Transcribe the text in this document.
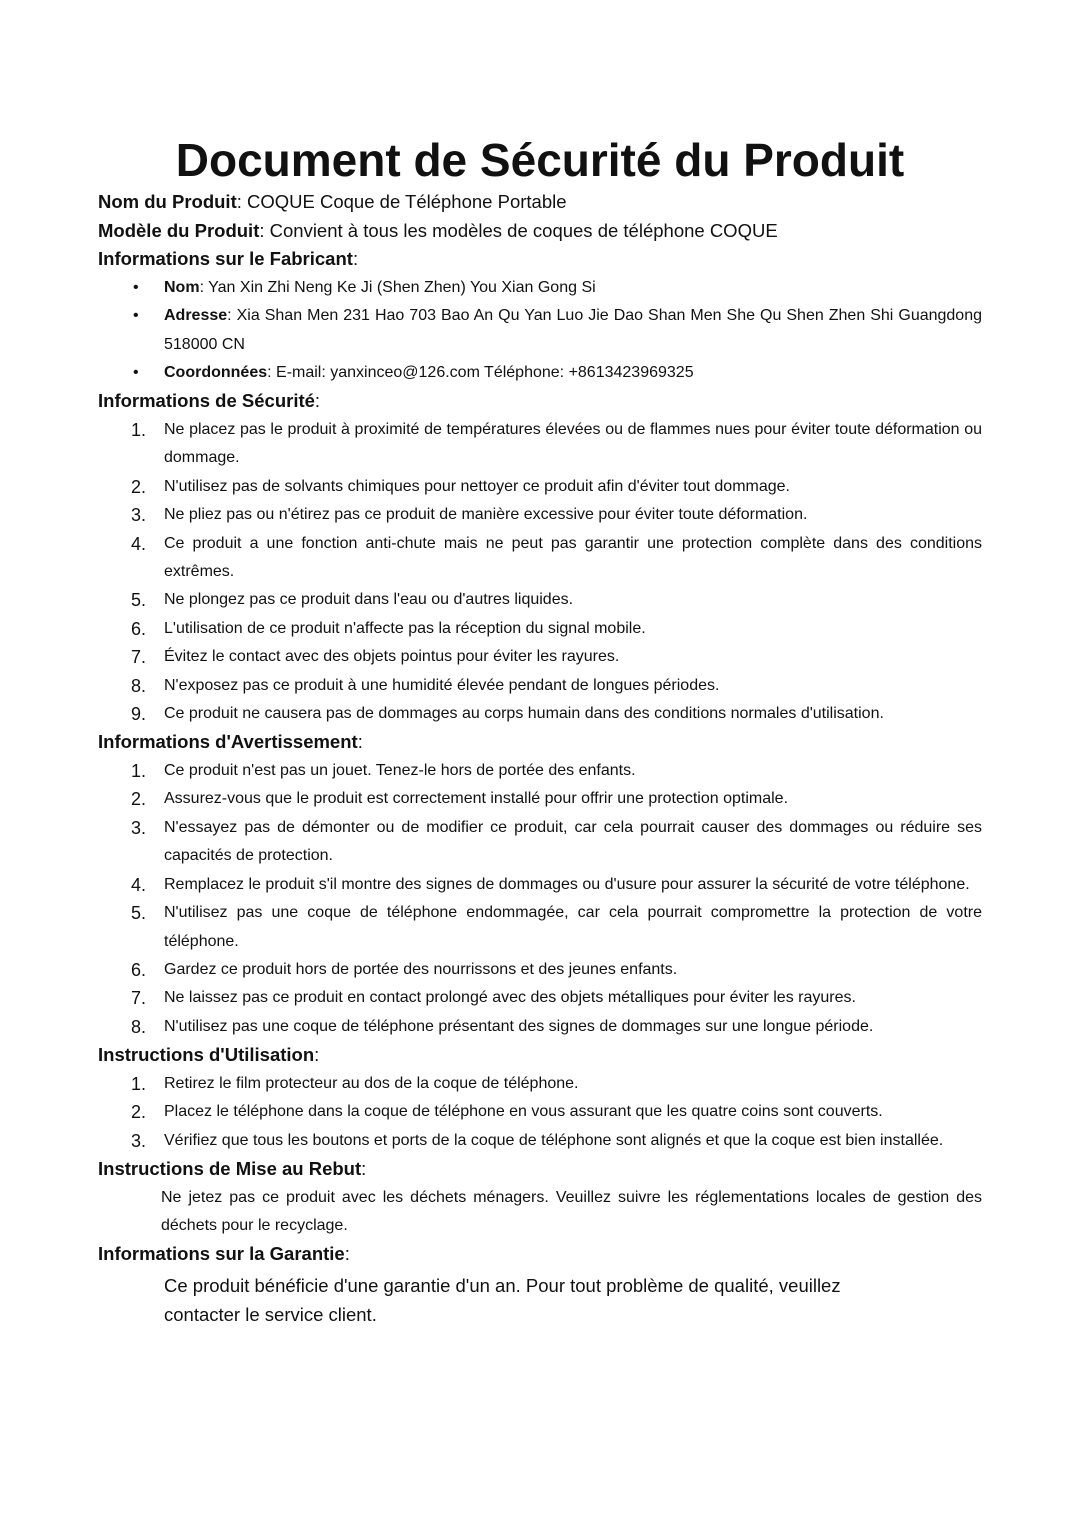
Document de Sécurité du Produit

Nom du Produit: COQUE Coque de Téléphone Portable

Modèle du Produit: Convient à tous les modèles de coques de téléphone COQUE

Informations sur le Fabricant:

• Nom: Yan Xin Zhi Neng Ke Ji (Shen Zhen) You Xian Gong Si
• Adresse: Xia Shan Men 231 Hao 703 Bao An Qu Yan Luo Jie Dao Shan Men She Qu Shen Zhen Shi Guangdong 518000 CN
• Coordonnées: E-mail: yanxinceo@126.com Téléphone: +8613423969325

Informations de Sécurité:

1. Ne placez pas le produit à proximité de températures élevées ou de flammes nues pour éviter toute déformation ou dommage.
2. N'utilisez pas de solvants chimiques pour nettoyer ce produit afin d'éviter tout dommage.
3. Ne pliez pas ou n'étirez pas ce produit de manière excessive pour éviter toute déformation.
4. Ce produit a une fonction anti-chute mais ne peut pas garantir une protection complète dans des conditions extrêmes.
5. Ne plongez pas ce produit dans l'eau ou d'autres liquides.
6. L'utilisation de ce produit n'affecte pas la réception du signal mobile.
7. Évitez le contact avec des objets pointus pour éviter les rayures.
8. N'exposez pas ce produit à une humidité élevée pendant de longues périodes.
9. Ce produit ne causera pas de dommages au corps humain dans des conditions normales d'utilisation.

Informations d'Avertissement:

1. Ce produit n'est pas un jouet. Tenez-le hors de portée des enfants.
2. Assurez-vous que le produit est correctement installé pour offrir une protection optimale.
3. N'essayez pas de démonter ou de modifier ce produit, car cela pourrait causer des dommages ou réduire ses capacités de protection.
4. Remplacez le produit s'il montre des signes de dommages ou d'usure pour assurer la sécurité de votre téléphone.
5. N'utilisez pas une coque de téléphone endommagée, car cela pourrait compromettre la protection de votre téléphone.
6. Gardez ce produit hors de portée des nourrissons et des jeunes enfants.
7. Ne laissez pas ce produit en contact prolongé avec des objets métalliques pour éviter les rayures.
8. N'utilisez pas une coque de téléphone présentant des signes de dommages sur une longue période.

Instructions d'Utilisation:

1. Retirez le film protecteur au dos de la coque de téléphone.
2. Placez le téléphone dans la coque de téléphone en vous assurant que les quatre coins sont couverts.
3. Vérifiez que tous les boutons et ports de la coque de téléphone sont alignés et que la coque est bien installée.

Instructions de Mise au Rebut:

Ne jetez pas ce produit avec les déchets ménagers. Veuillez suivre les réglementations locales de gestion des déchets pour le recyclage.

Informations sur la Garantie:

Ce produit bénéficie d'une garantie d'un an. Pour tout problème de qualité, veuillez contacter le service client.
